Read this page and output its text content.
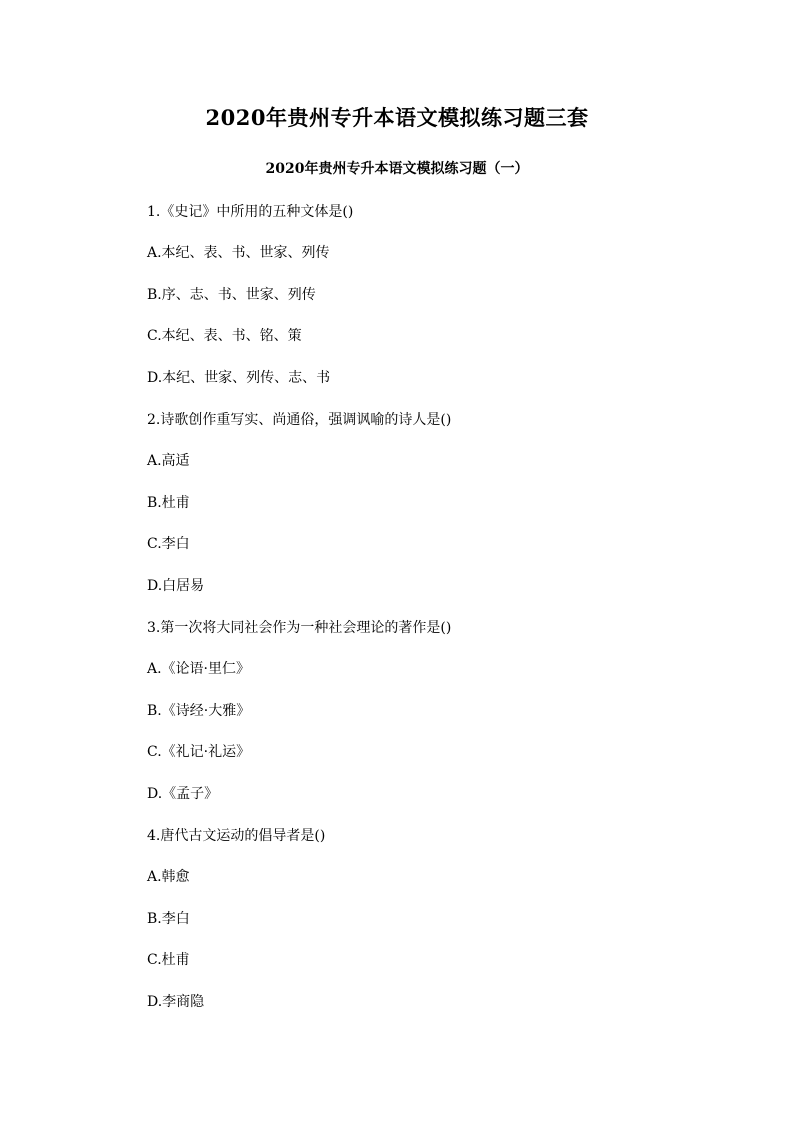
2020年贵州专升本语文模拟练习题三套
2020年贵州专升本语文模拟练习题（一）
1.《史记》中所用的五种文体是()
A.本纪、表、书、世家、列传
B.序、志、书、世家、列传
C.本纪、表、书、铭、策
D.本纪、世家、列传、志、书
2.诗歌创作重写实、尚通俗，强调讽喻的诗人是()
A.高适
B.杜甫
C.李白
D.白居易
3.第一次将大同社会作为一种社会理论的著作是()
A.《论语·里仁》
B.《诗经·大雅》
C.《礼记·礼运》
D.《孟子》
4.唐代古文运动的倡导者是()
A.韩愈
B.李白
C.杜甫
D.李商隐
